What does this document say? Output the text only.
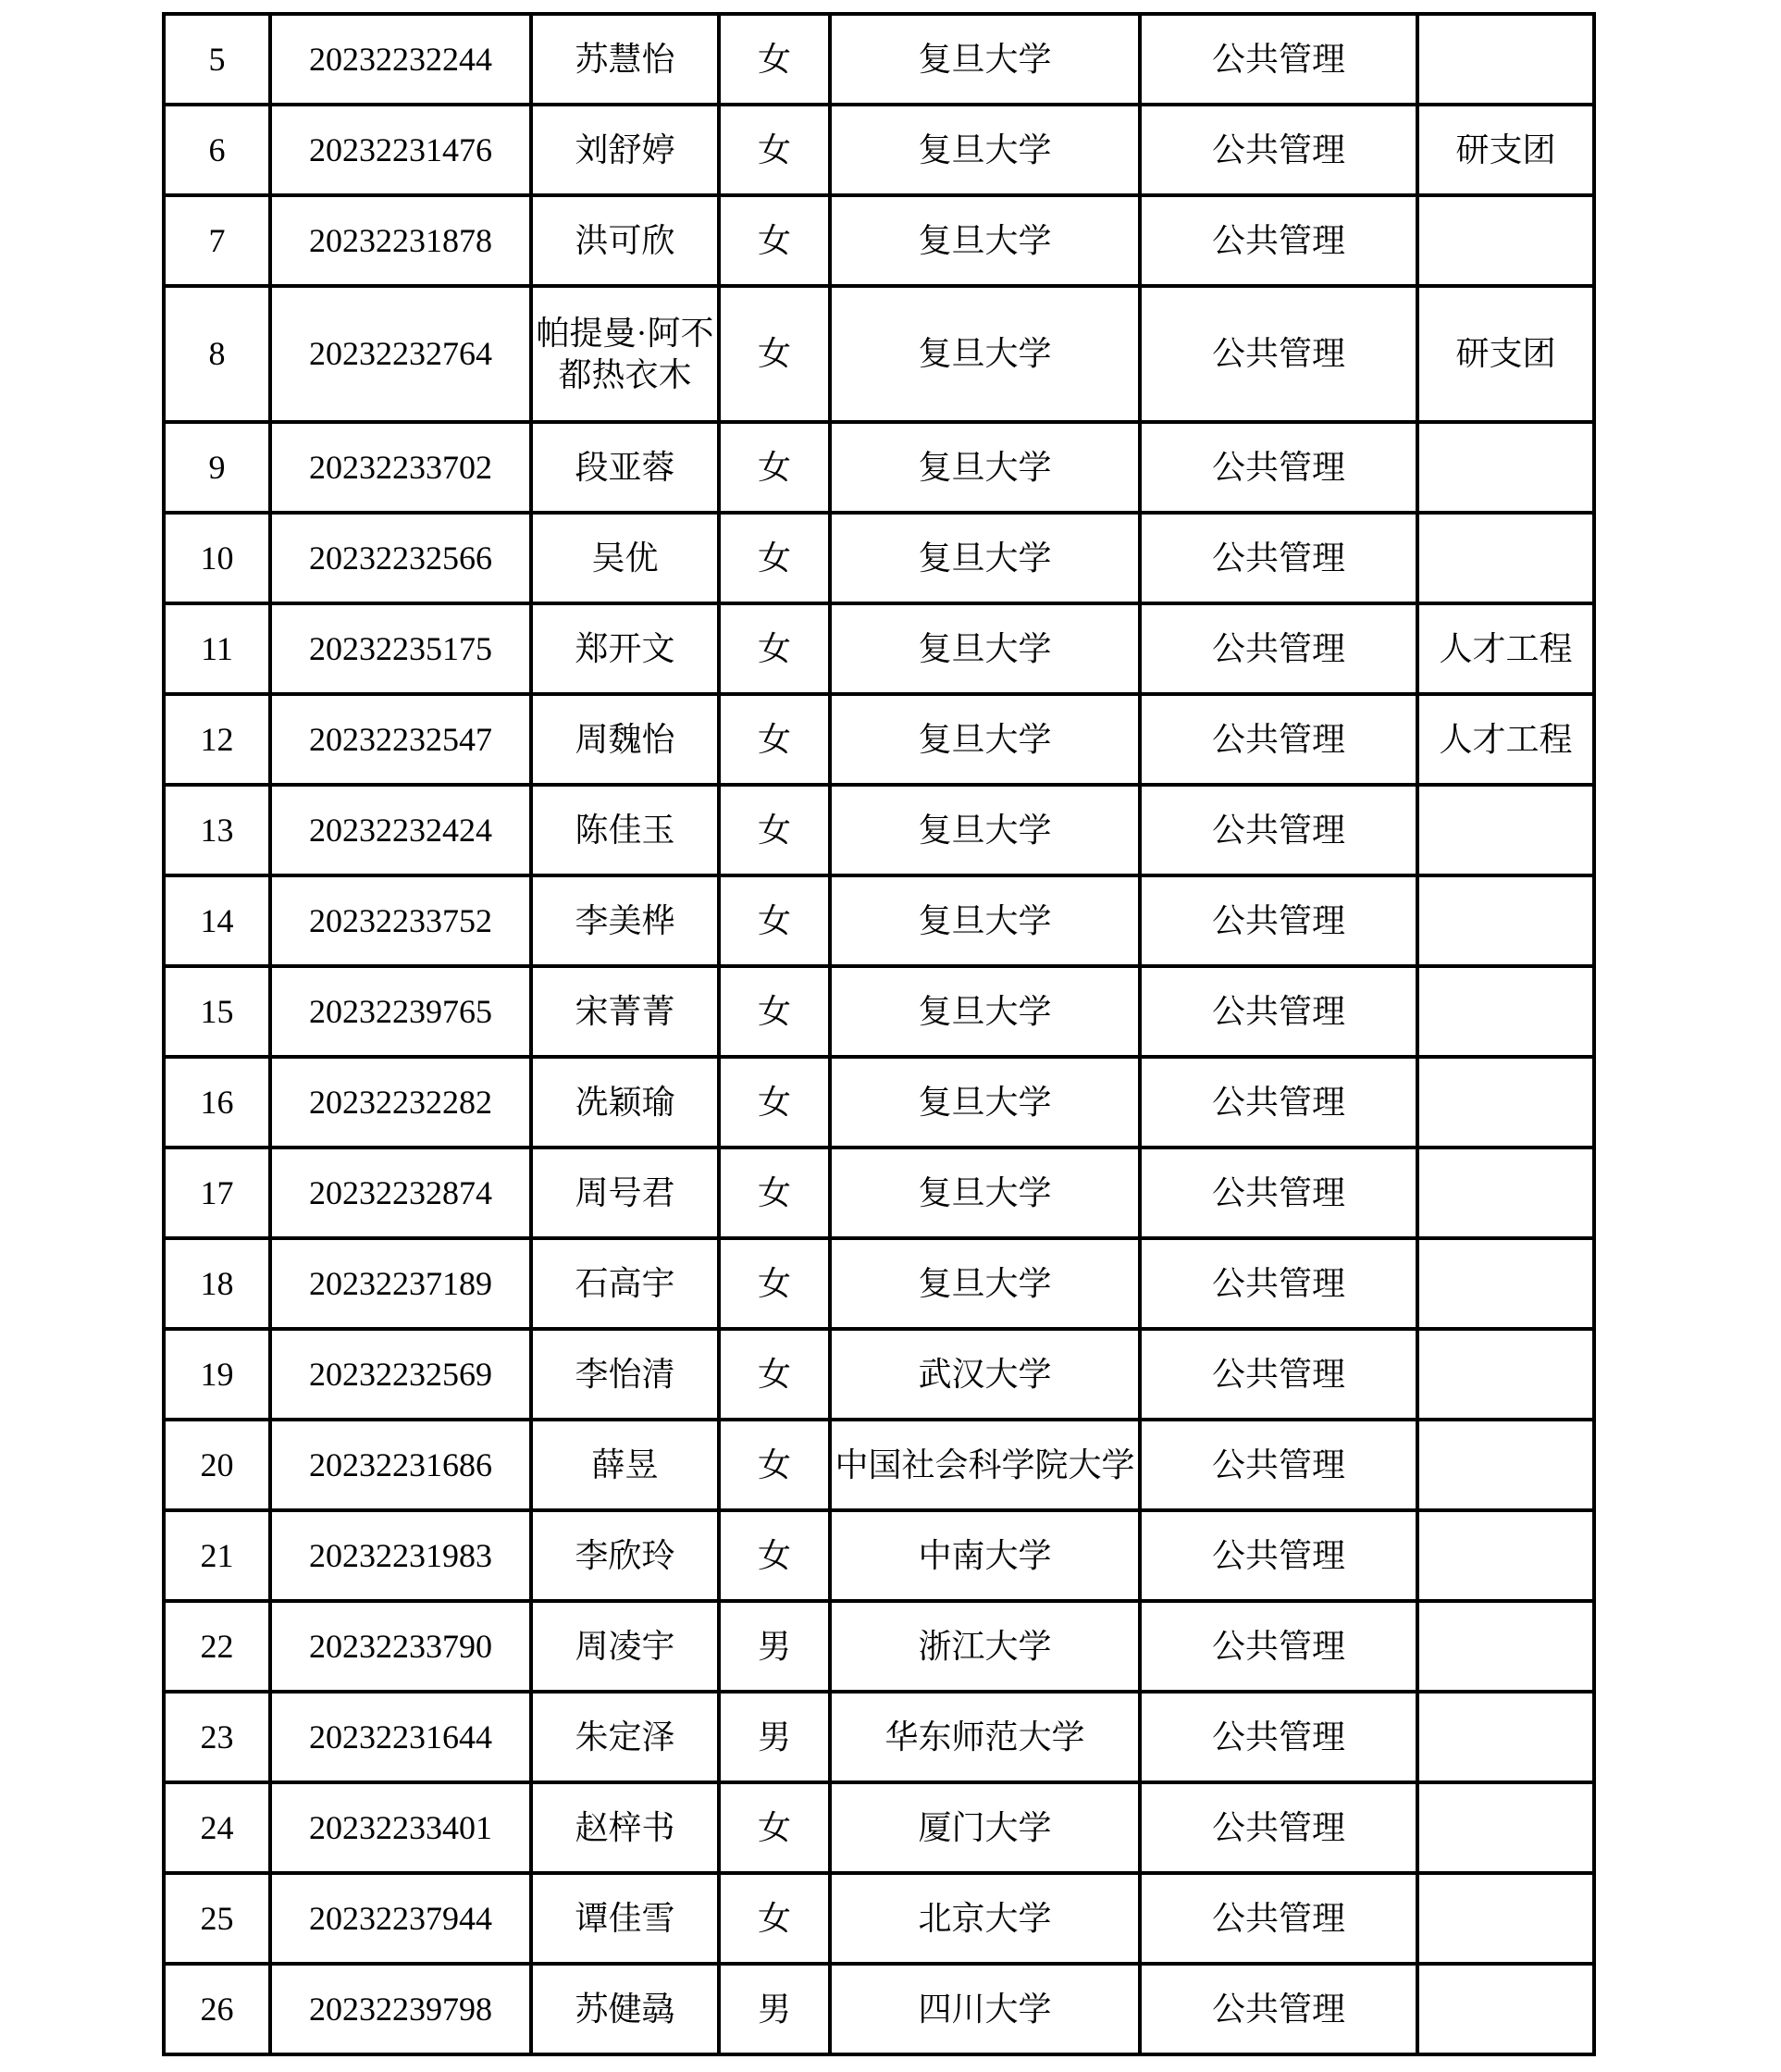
5	20232232244	苏慧怡	女	复旦大学	公共管理	
6	20232231476	刘舒婷	女	复旦大学	公共管理	研支团
7	20232231878	洪可欣	女	复旦大学	公共管理	
8	20232232764	帕提曼·阿不都热衣木	女	复旦大学	公共管理	研支团
9	20232233702	段亚蓉	女	复旦大学	公共管理	
10	20232232566	吴优	女	复旦大学	公共管理	
11	20232235175	郑开文	女	复旦大学	公共管理	人才工程
12	20232232547	周魏怡	女	复旦大学	公共管理	人才工程
13	20232232424	陈佳玉	女	复旦大学	公共管理	
14	20232233752	李美桦	女	复旦大学	公共管理	
15	20232239765	宋菁菁	女	复旦大学	公共管理	
16	20232232282	冼颖瑜	女	复旦大学	公共管理	
17	20232232874	周号君	女	复旦大学	公共管理	
18	20232237189	石高宇	女	复旦大学	公共管理	
19	20232232569	李怡清	女	武汉大学	公共管理	
20	20232231686	薛昱	女	中国社会科学院大学	公共管理	
21	20232231983	李欣玲	女	中南大学	公共管理	
22	20232233790	周凌宇	男	浙江大学	公共管理	
23	20232231644	朱定泽	男	华东师范大学	公共管理	
24	20232233401	赵梓书	女	厦门大学	公共管理	
25	20232237944	谭佳雪	女	北京大学	公共管理	
26	20232239798	苏健骉	男	四川大学	公共管理	
